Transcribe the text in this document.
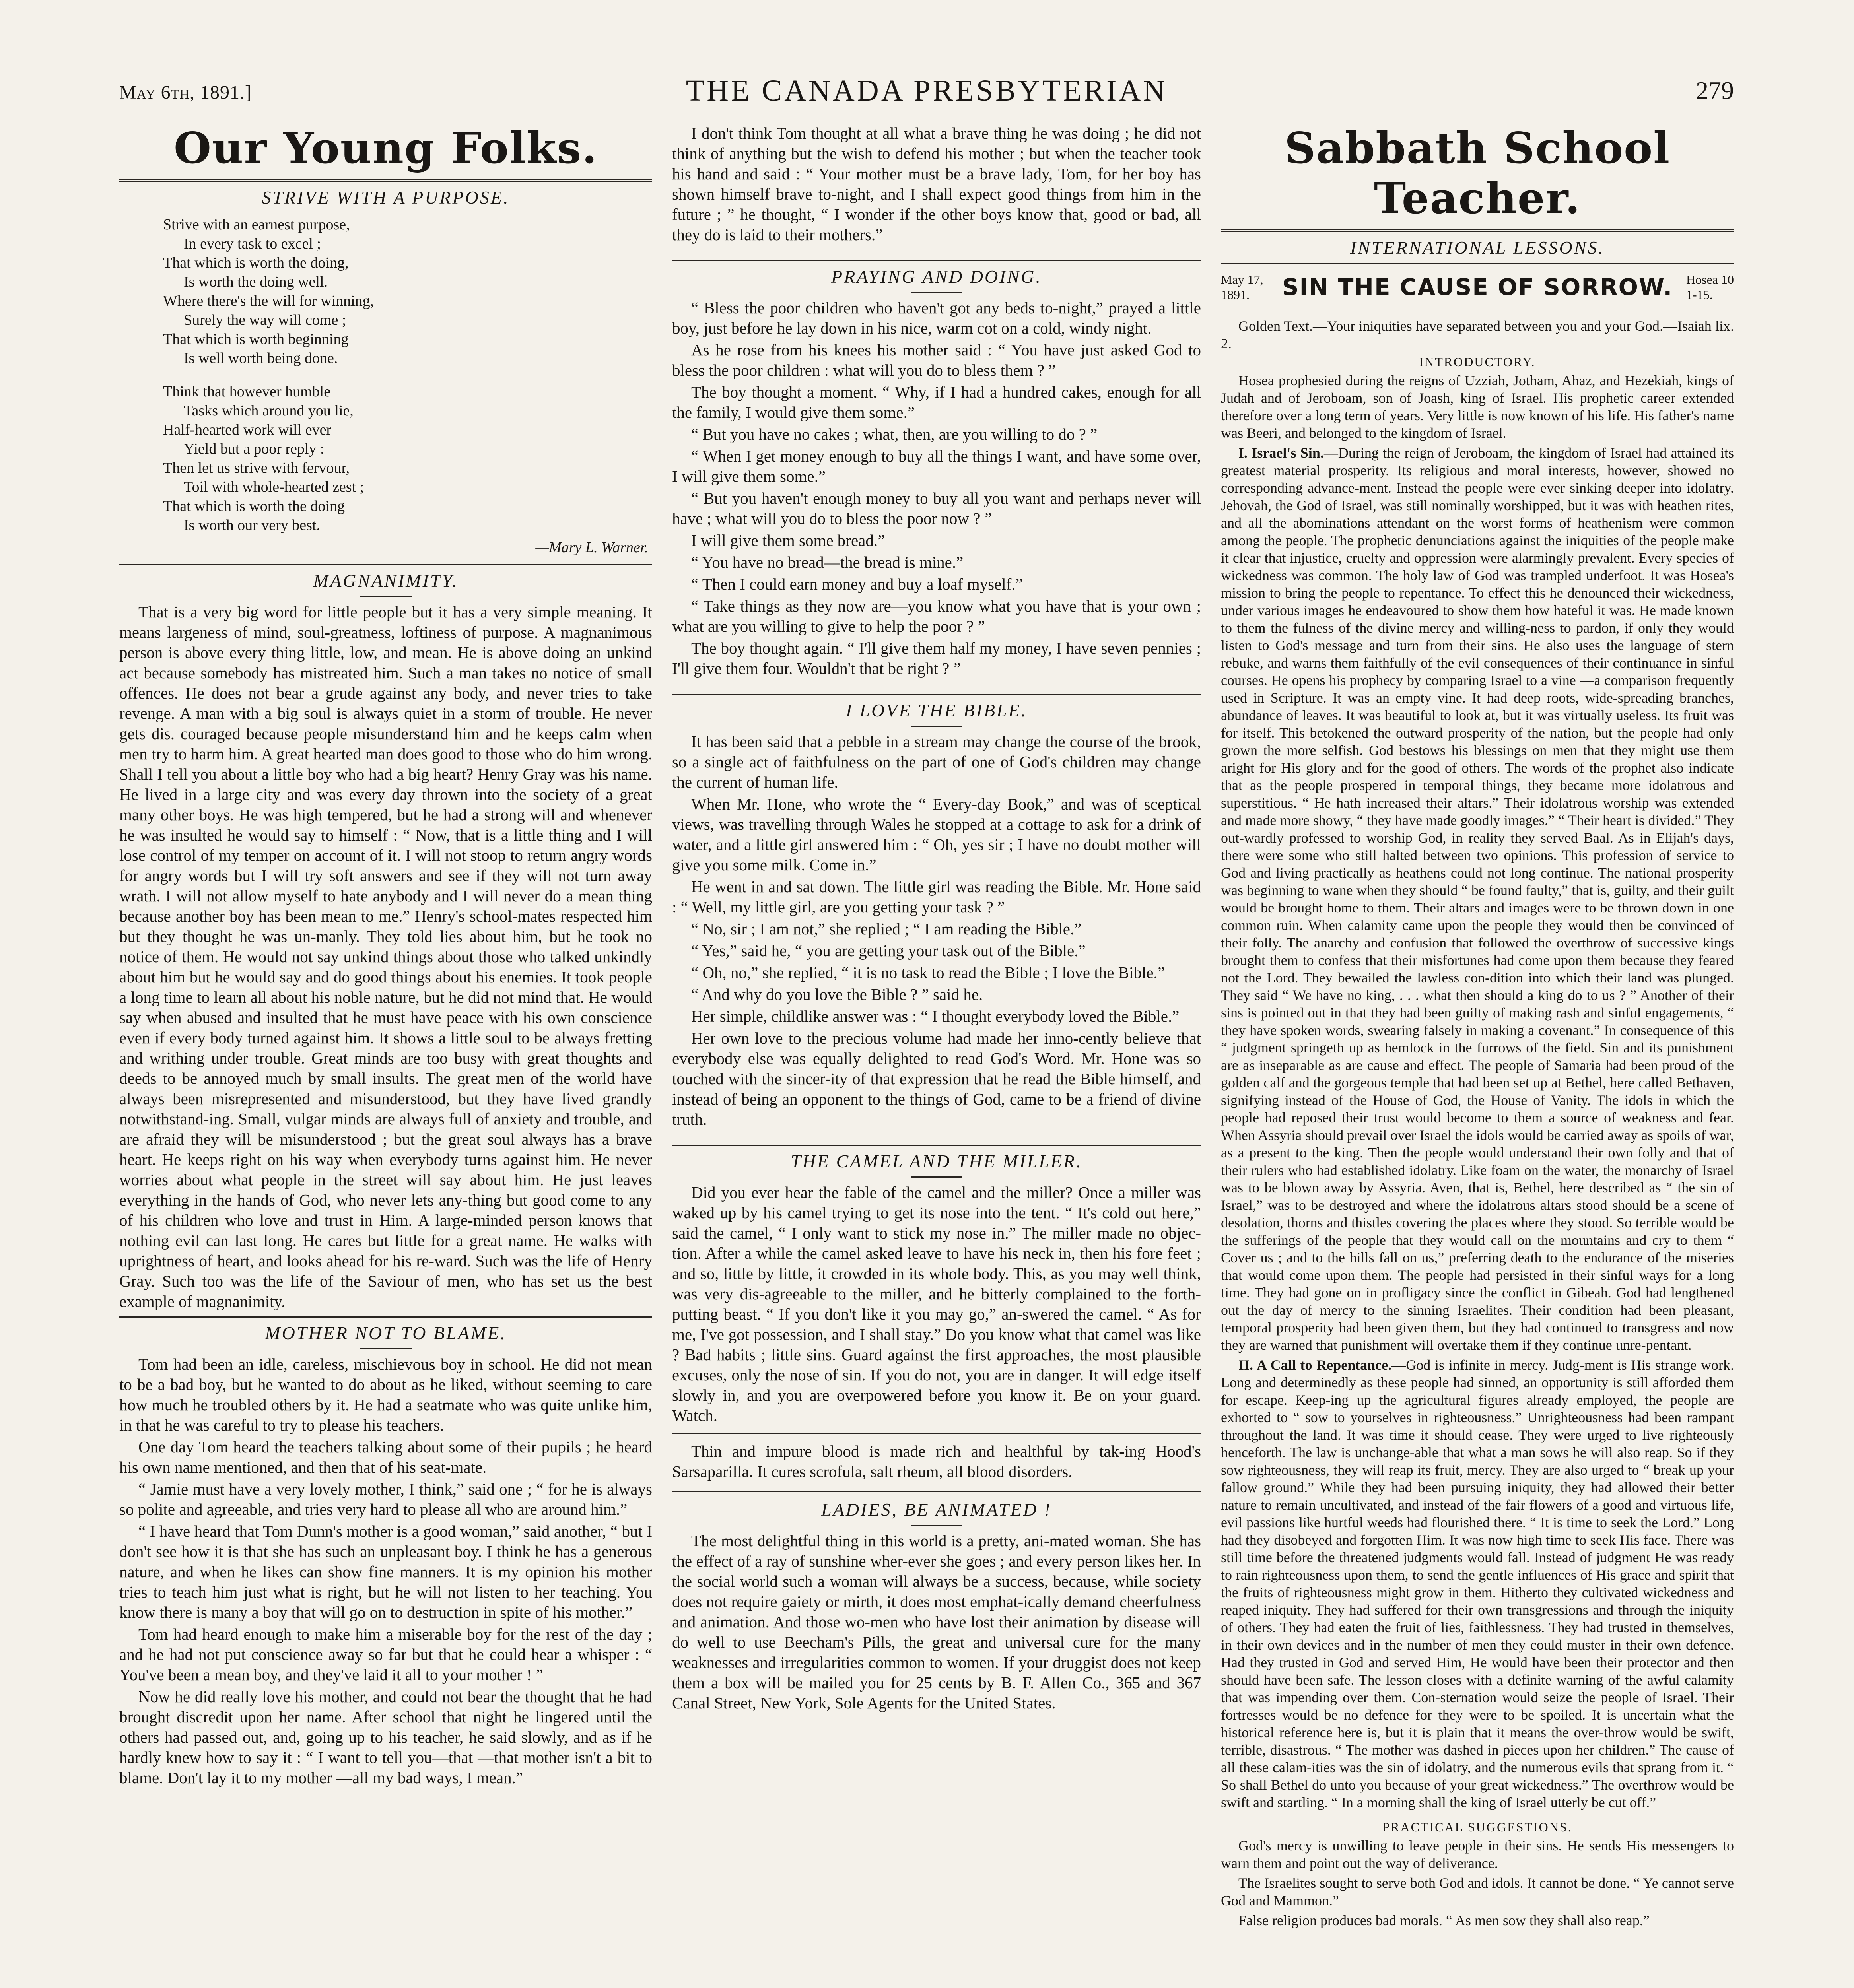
May 6th, 1891.]	THE CANADA PRESBYTERIAN	279
Our Young Folks.
STRIVE WITH A PURPOSE.
Strive with an earnest purpose,
In every task to excel ;
That which is worth the doing,
Is worth the doing well.
Where there's the will for winning,
Surely the way will come ;
That which is worth beginning
Is well worth being done.
Think that however humble
Tasks which around you lie,
Half-hearted work will ever
Yield but a poor reply :
Then let us strive with fervour,
Toil with whole-hearted zest ;
That which is worth the doing
Is worth our very best.
—Mary L. Warner.
MAGNANIMITY.

That is a very big word for little people but it has a very simple meaning. It means largeness of mind, soul-greatness, loftiness of purpose. A magnanimous person is above every thing little, low, and mean. He is above doing an unkind act because somebody has mistreated him. Such a man takes no notice of small offences. He does not bear a grude against any body, and never tries to take revenge. A man with a big soul is always quiet in a storm of trouble. He never gets dis. couraged because people misunderstand him and he keeps calm when men try to harm him. A great hearted man does good to those who do him wrong. Shall I tell you about a little boy who had a big heart? Henry Gray was his name. He lived in a large city and was every day thrown into the society of a great many other boys. He was high tempered, but he had a strong will and whenever he was insulted he would say to himself : “ Now, that is a little thing and I will lose control of my temper on account of it. I will not stoop to return angry words for angry words but I will try soft answers and see if they will not turn away wrath. I will not allow myself to hate anybody and I will never do a mean thing because another boy has been mean to me.” Henry's school-mates respected him but they thought he was un-manly. They told lies about him, but he took no notice of them. He would not say unkind things about those who talked unkindly about him but he would say and do good things about his enemies. It took people a long time to learn all about his noble nature, but he did not mind that. He would say when abused and insulted that he must have peace with his own conscience even if every body turned against him. It shows a little soul to be always fretting and writhing under trouble. Great minds are too busy with great thoughts and deeds to be annoyed much by small insults. The great men of the world have always been misrepresented and misunderstood, but they have lived grandly notwithstand-ing. Small, vulgar minds are always full of anxiety and trouble, and are afraid they will be misunderstood ; but the great soul always has a brave heart. He keeps right on his way when everybody turns against him. He never worries about what people in the street will say about him. He just leaves everything in the hands of God, who never lets any-thing but good come to any of his children who love and trust in Him. A large-minded person knows that nothing evil can last long. He cares but little for a great name. He walks with uprightness of heart, and looks ahead for his re-ward. Such was the life of Henry Gray. Such too was the life of the Saviour of men, who has set us the best example of magnanimity.

MOTHER NOT TO BLAME.

Tom had been an idle, careless, mischievous boy in school. He did not mean to be a bad boy, but he wanted to do about as he liked, without seeming to care how much he troubled others by it. He had a seatmate who was quite unlike him, in that he was careful to try to please his teachers.

One day Tom heard the teachers talking about some of their pupils ; he heard his own name mentioned, and then that of his seat-mate.

“ Jamie must have a very lovely mother, I think,” said one ; “ for he is always so polite and agreeable, and tries very hard to please all who are around him.”

“ I have heard that Tom Dunn's mother is a good woman,” said another, “ but I don't see how it is that she has such an unpleasant boy. I think he has a generous nature, and when he likes can show fine manners. It is my opinion his mother tries to teach him just what is right, but he will not listen to her teaching. You know there is many a boy that will go on to destruction in spite of his mother.”

Tom had heard enough to make him a miserable boy for the rest of the day ; and he had not put conscience away so far but that he could hear a whisper : “ You've been a mean boy, and they've laid it all to your mother ! ”

Now he did really love his mother, and could not bear the thought that he had brought discredit upon her name. After school that night he lingered until the others had passed out, and, going up to his teacher, he said slowly, and as if he hardly knew how to say it : “ I want to tell you—that —that mother isn't a bit to blame. Don't lay it to my mother —all my bad ways, I mean.”

I don't think Tom thought at all what a brave thing he was doing ; he did not think of anything but the wish to defend his mother ; but when the teacher took his hand and said : “ Your mother must be a brave lady, Tom, for her boy has shown himself brave to-night, and I shall expect good things from him in the future ; ” he thought, “ I wonder if the other boys know that, good or bad, all they do is laid to their mothers.”

PRAYING AND DOING.

“ Bless the poor children who haven't got any beds to-night,” prayed a little boy, just before he lay down in his nice, warm cot on a cold, windy night.

As he rose from his knees his mother said : “ You have just asked God to bless the poor children : what will you do to bless them ? ”

The boy thought a moment. “ Why, if I had a hundred cakes, enough for all the family, I would give them some.”

“ But you have no cakes ; what, then, are you willing to do ? ”

“ When I get money enough to buy all the things I want, and have some over, I will give them some.”

“ But you haven't enough money to buy all you want and perhaps never will have ; what will you do to bless the poor now ? ”

I will give them some bread.”

“ You have no bread—the bread is mine.”

“ Then I could earn money and buy a loaf myself.”

“ Take things as they now are—you know what you have that is your own ; what are you willing to give to help the poor ? ”

The boy thought again. “ I'll give them half my money, I have seven pennies ; I'll give them four. Wouldn't that be right ? ”

I LOVE THE BIBLE.

It has been said that a pebble in a stream may change the course of the brook, so a single act of faithfulness on the part of one of God's children may change the current of human life.

When Mr. Hone, who wrote the “ Every-day Book,” and was of sceptical views, was travelling through Wales he stopped at a cottage to ask for a drink of water, and a little girl answered him : “ Oh, yes sir ; I have no doubt mother will give you some milk. Come in.”

He went in and sat down. The little girl was reading the Bible. Mr. Hone said : “ Well, my little girl, are you getting your task ? ”

“ No, sir ; I am not,” she replied ; “ I am reading the Bible.”

“ Yes,” said he, “ you are getting your task out of the Bible.”

“ Oh, no,” she replied, “ it is no task to read the Bible ; I love the Bible.”

“ And why do you love the Bible ? ” said he.

Her simple, childlike answer was : “ I thought everybody loved the Bible.”

Her own love to the precious volume had made her inno-cently believe that everybody else was equally delighted to read God's Word. Mr. Hone was so touched with the sincer-ity of that expression that he read the Bible himself, and instead of being an opponent to the things of God, came to be a friend of divine truth.

THE CAMEL AND THE MILLER.

Did you ever hear the fable of the camel and the miller? Once a miller was waked up by his camel trying to get its nose into the tent. “ It's cold out here,” said the camel, “ I only want to stick my nose in.” The miller made no objec-tion. After a while the camel asked leave to have his neck in, then his fore feet ; and so, little by little, it crowded in its whole body. This, as you may well think, was very dis-agreeable to the miller, and he bitterly complained to the forth-putting beast. “ If you don't like it you may go,” an-swered the camel. “ As for me, I've got possession, and I shall stay.” Do you know what that camel was like ? Bad habits ; little sins. Guard against the first approaches, the most plausible excuses, only the nose of sin. If you do not, you are in danger. It will edge itself slowly in, and you are overpowered before you know it. Be on your guard. Watch.

Thin and impure blood is made rich and healthful by tak-ing Hood's Sarsaparilla. It cures scrofula, salt rheum, all blood disorders.

LADIES, BE ANIMATED !

The most delightful thing in this world is a pretty, ani-mated woman. She has the effect of a ray of sunshine wher-ever she goes ; and every person likes her. In the social world such a woman will always be a success, because, while society does not require gaiety or mirth, it does most emphat-ically demand cheerfulness and animation. And those wo-men who have lost their animation by disease will do well to use Beecham's Pills, the great and universal cure for the many weaknesses and irregularities common to women. If your druggist does not keep them a box will be mailed you for 25 cents by B. F. Allen Co., 365 and 367 Canal Street, New York, Sole Agents for the United States.

Sabbath School Teacher.
INTERNATIONAL LESSONS.
May 17,
1891.	SIN THE CAUSE OF SORROW.	Hosea 10
1-15.

Golden Text.—Your iniquities have separated between you and your God.—Isaiah lix. 2.

INTRODUCTORY.

Hosea prophesied during the reigns of Uzziah, Jotham, Ahaz, and Hezekiah, kings of Judah and of Jeroboam, son of Joash, king of Israel. His prophetic career extended therefore over a long term of years. Very little is now known of his life. His father's name was Beeri, and belonged to the kingdom of Israel.

I. Israel's Sin.—During the reign of Jeroboam, the kingdom of Israel had attained its greatest material prosperity. Its religious and moral interests, however, showed no corresponding advance-ment. Instead the people were ever sinking deeper into idolatry. Jehovah, the God of Israel, was still nominally worshipped, but it was with heathen rites, and all the abominations attendant on the worst forms of heathenism were common among the people. The prophetic denunciations against the iniquities of the people make it clear that injustice, cruelty and oppression were alarmingly prevalent. Every species of wickedness was common. The holy law of God was trampled underfoot. It was Hosea's mission to bring the people to repentance. To effect this he denounced their wickedness, under various images he endeavoured to show them how hateful it was. He made known to them the fulness of the divine mercy and willing-ness to pardon, if only they would listen to God's message and turn from their sins. He also uses the language of stern rebuke, and warns them faithfully of the evil consequences of their continuance in sinful courses. He opens his prophecy by comparing Israel to a vine —a comparison frequently used in Scripture. It was an empty vine. It had deep roots, wide-spreading branches, abundance of leaves. It was beautiful to look at, but it was virtually useless. Its fruit was for itself. This betokened the outward prosperity of the nation, but the people had only grown the more selfish. God bestows his blessings on men that they might use them aright for His glory and for the good of others. The words of the prophet also indicate that as the people prospered in temporal things, they became more idolatrous and superstitious. “ He hath increased their altars.” Their idolatrous worship was extended and made more showy, “ they have made goodly images.” “ Their heart is divided.” They out-wardly professed to worship God, in reality they served Baal. As in Elijah's days, there were some who still halted between two opinions. This profession of service to God and living practically as heathens could not long continue. The national prosperity was beginning to wane when they should “ be found faulty,” that is, guilty, and their guilt would be brought home to them. Their altars and images were to be thrown down in one common ruin. When calamity came upon the people they would then be convinced of their folly. The anarchy and confusion that followed the overthrow of successive kings brought them to confess that their misfortunes had come upon them because they feared not the Lord. They bewailed the lawless con-dition into which their land was plunged. They said “ We have no king, . . . what then should a king do to us ? ” Another of their sins is pointed out in that they had been guilty of making rash and sinful engagements, “ they have spoken words, swearing falsely in making a covenant.” In consequence of this “ judgment springeth up as hemlock in the furrows of the field. Sin and its punishment are as inseparable as are cause and effect. The people of Samaria had been proud of the golden calf and the gorgeous temple that had been set up at Bethel, here called Bethaven, signifying instead of the House of God, the House of Vanity. The idols in which the people had reposed their trust would become to them a source of weakness and fear. When Assyria should prevail over Israel the idols would be carried away as spoils of war, as a present to the king. Then the people would understand their own folly and that of their rulers who had established idolatry. Like foam on the water, the monarchy of Israel was to be blown away by Assyria. Aven, that is, Bethel, here described as “ the sin of Israel,” was to be destroyed and where the idolatrous altars stood should be a scene of desolation, thorns and thistles covering the places where they stood. So terrible would be the sufferings of the people that they would call on the mountains and cry to them “ Cover us ; and to the hills fall on us,” preferring death to the endurance of the miseries that would come upon them. The people had persisted in their sinful ways for a long time. They had gone on in profligacy since the conflict in Gibeah. God had lengthened out the day of mercy to the sinning Israelites. Their condition had been pleasant, temporal prosperity had been given them, but they had continued to transgress and now they are warned that punishment will overtake them if they continue unre-pentant.

II. A Call to Repentance.—God is infinite in mercy. Judg-ment is His strange work. Long and determinedly as these people had sinned, an opportunity is still afforded them for escape. Keep-ing up the agricultural figures already employed, the people are exhorted to “ sow to yourselves in righteousness.” Unrighteousness had been rampant throughout the land. It was time it should cease. They were urged to live righteously henceforth. The law is unchange-able that what a man sows he will also reap. So if they sow righteousness, they will reap its fruit, mercy. They are also urged to “ break up your fallow ground.” While they had been pursuing iniquity, they had allowed their better nature to remain uncultivated, and instead of the fair flowers of a good and virtuous life, evil passions like hurtful weeds had flourished there. “ It is time to seek the Lord.” Long had they disobeyed and forgotten Him. It was now high time to seek His face. There was still time before the threatened judgments would fall. Instead of judgment He was ready to rain righteousness upon them, to send the gentle influences of His grace and spirit that the fruits of righteousness might grow in them. Hitherto they cultivated wickedness and reaped iniquity. They had suffered for their own transgressions and through the iniquity of others. They had eaten the fruit of lies, faithlessness. They had trusted in themselves, in their own devices and in the number of men they could muster in their own defence. Had they trusted in God and served Him, He would have been their protector and then should have been safe. The lesson closes with a definite warning of the awful calamity that was impending over them. Con-sternation would seize the people of Israel. Their fortresses would be no defence for they were to be spoiled. It is uncertain what the historical reference here is, but it is plain that it means the over-throw would be swift, terrible, disastrous. “ The mother was dashed in pieces upon her children.” The cause of all these calam-ities was the sin of idolatry, and the numerous evils that sprang from it. “ So shall Bethel do unto you because of your great wickedness.” The overthrow would be swift and startling. “ In a morning shall the king of Israel utterly be cut off.”

PRACTICAL SUGGESTIONS.

God's mercy is unwilling to leave people in their sins. He sends His messengers to warn them and point out the way of deliverance.

The Israelites sought to serve both God and idols. It cannot be done. “ Ye cannot serve God and Mammon.”

False religion produces bad morals. “ As men sow they shall also reap.”
